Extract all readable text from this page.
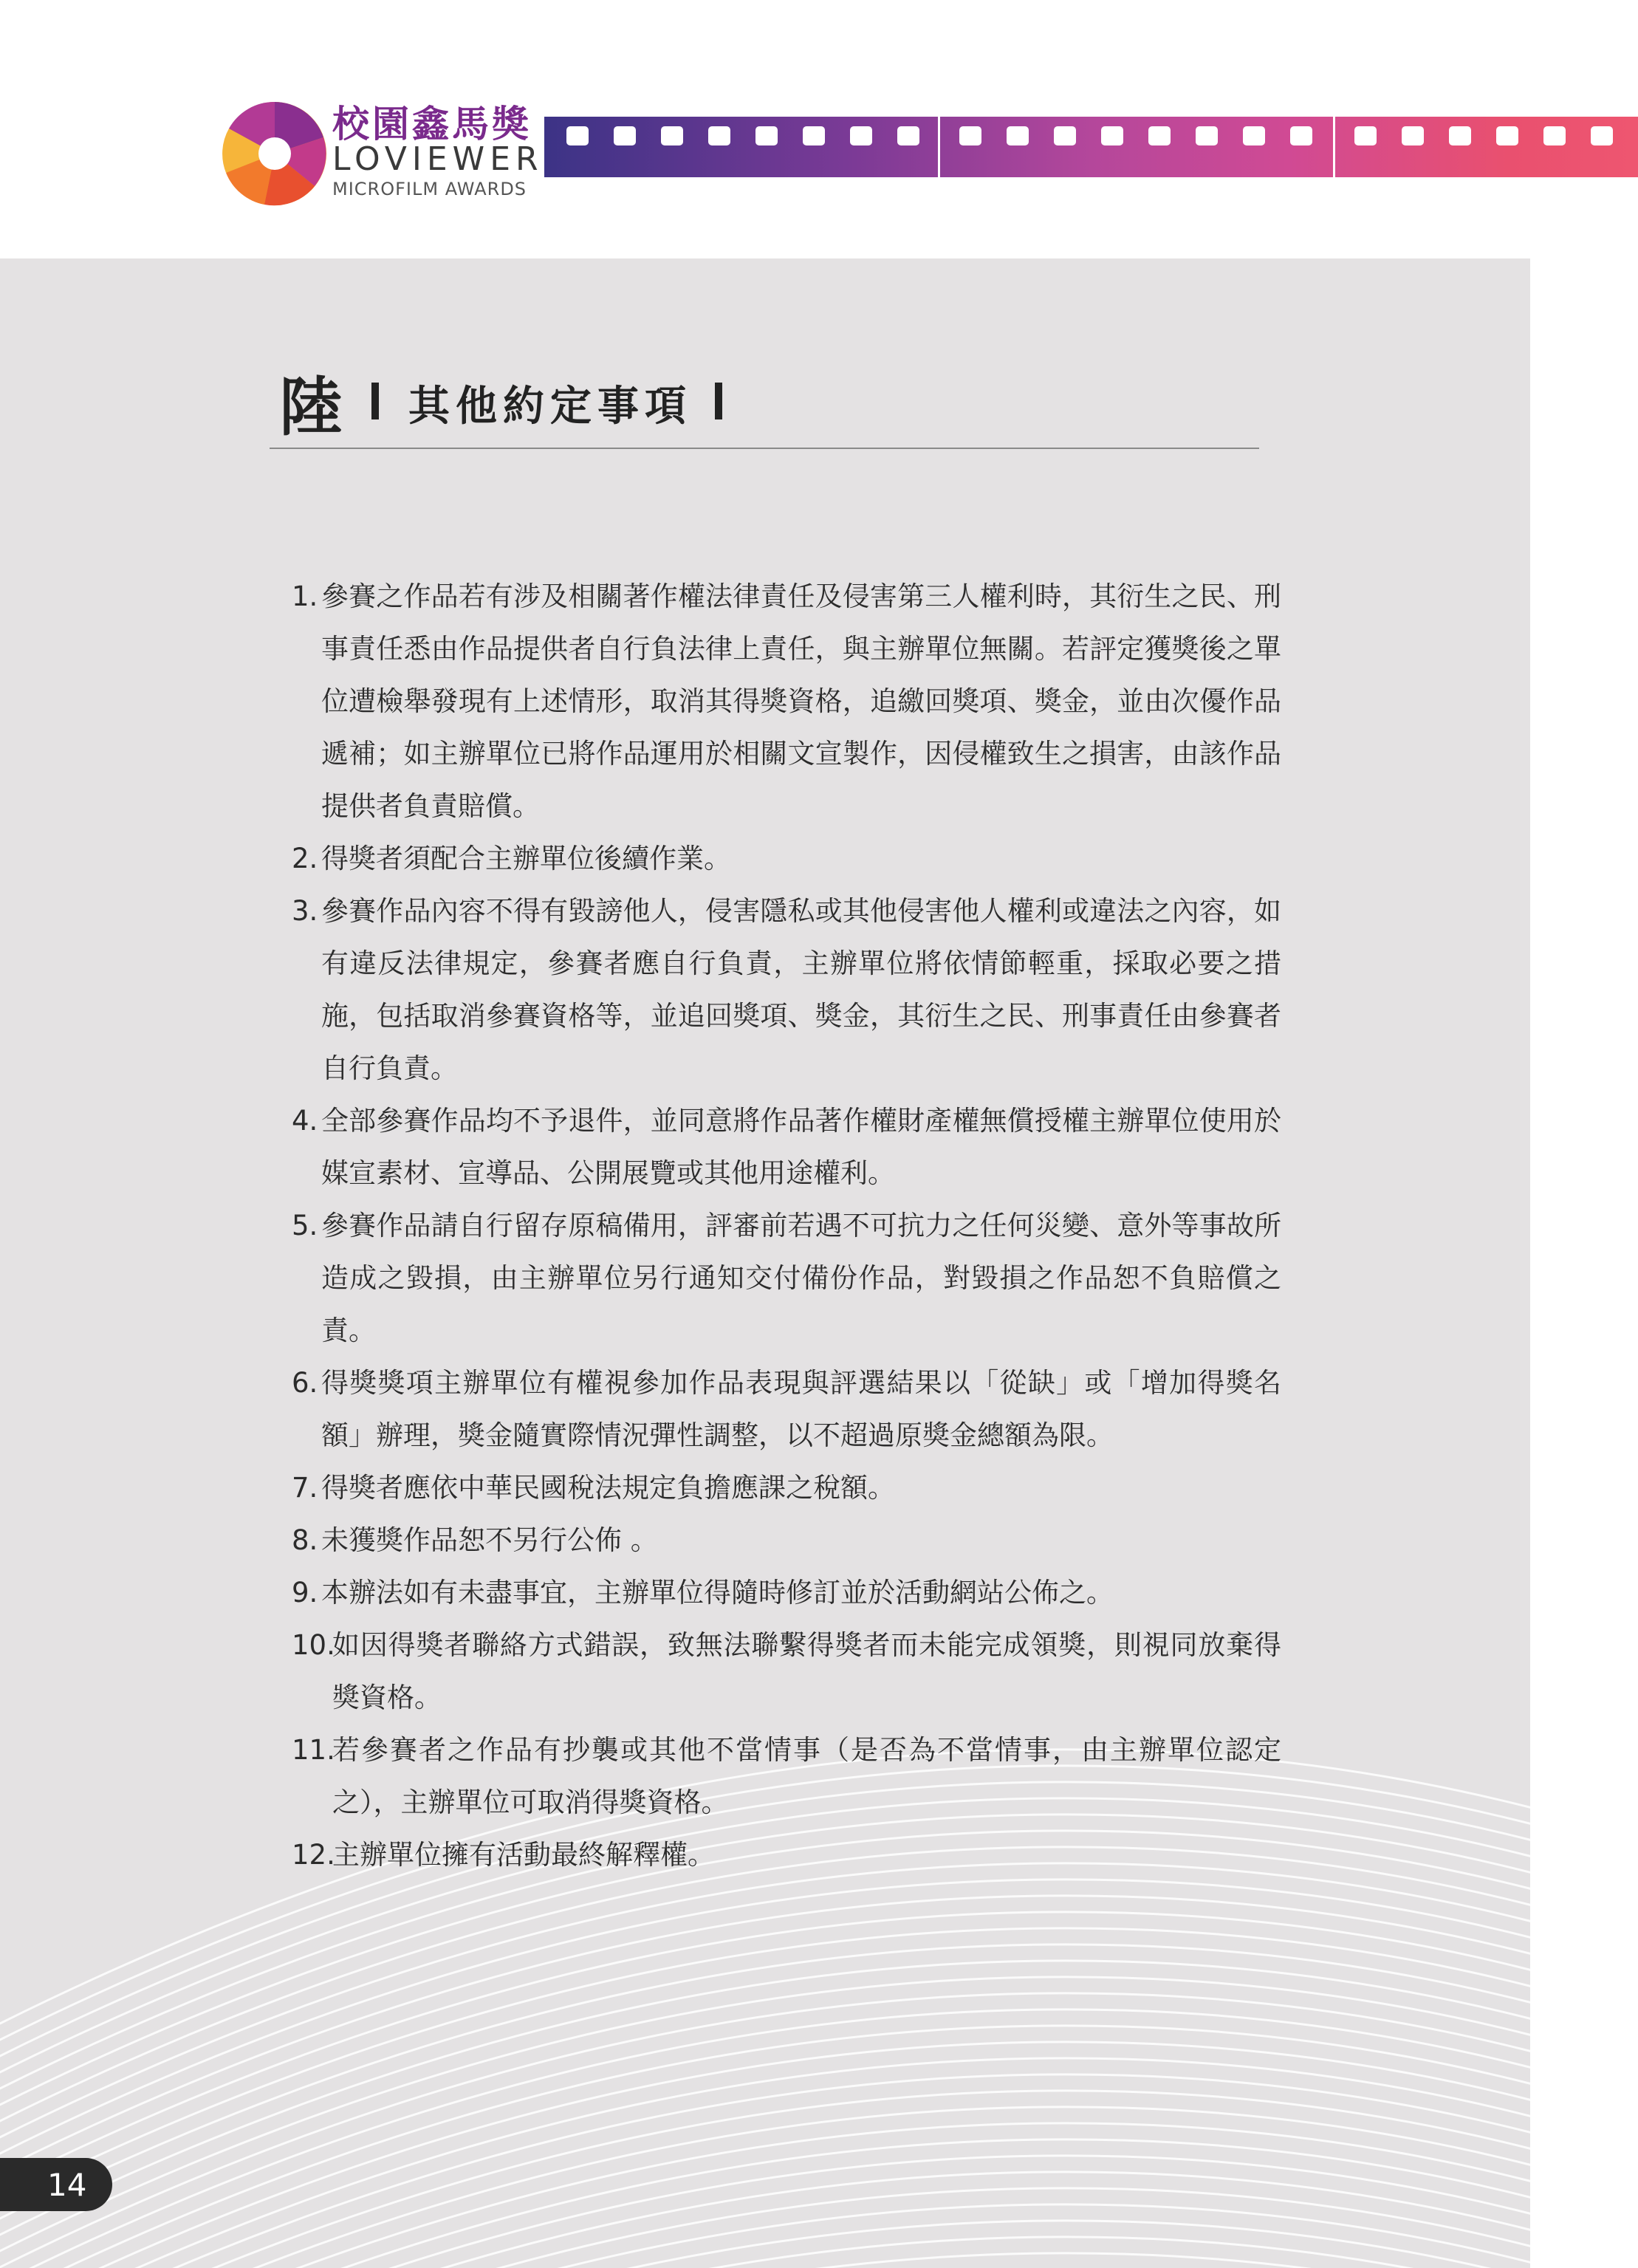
校園鑫馬獎
LOVIEWER
MICROFILM AWARDS
陸 其他約定事項
1. 參賽之作品若有涉及相關著作權法律責任及侵害第三人權利時，其衍生之民、刑事責任悉由作品提供者自行負法律上責任，與主辦單位無關。若評定獲獎後之單位遭檢舉發現有上述情形，取消其得獎資格，追繳回獎項、獎金，並由次優作品遞補；如主辦單位已將作品運用於相關文宣製作，因侵權致生之損害，由該作品提供者負責賠償。
2. 得獎者須配合主辦單位後續作業。
3. 參賽作品內容不得有毀謗他人，侵害隱私或其他侵害他人權利或違法之內容，如有違反法律規定，參賽者應自行負責，主辦單位將依情節輕重，採取必要之措施，包括取消參賽資格等，並追回獎項、獎金，其衍生之民、刑事責任由參賽者自行負責。
4. 全部參賽作品均不予退件，並同意將作品著作權財產權無償授權主辦單位使用於媒宣素材、宣導品、公開展覽或其他用途權利。
5. 參賽作品請自行留存原稿備用，評審前若遇不可抗力之任何災變、意外等事故所造成之毀損，由主辦單位另行通知交付備份作品，對毀損之作品恕不負賠償之責。
6. 得獎獎項主辦單位有權視參加作品表現與評選結果以「從缺」或「增加得獎名額」辦理，獎金隨實際情況彈性調整，以不超過原獎金總額為限。
7. 得獎者應依中華民國稅法規定負擔應課之稅額。
8. 未獲獎作品恕不另行公佈 。
9. 本辦法如有未盡事宜，主辦單位得隨時修訂並於活動網站公佈之。
10.
如因得獎者聯絡方式錯誤，致無法聯繫得獎者而未能完成領獎，則視同放棄得獎資格。
11.
若參賽者之作品有抄襲或其他不當情事（是否為不當情事，由主辦單位認定之），主辦單位可取消得獎資格。
12.
主辦單位擁有活動最終解釋權。
14
